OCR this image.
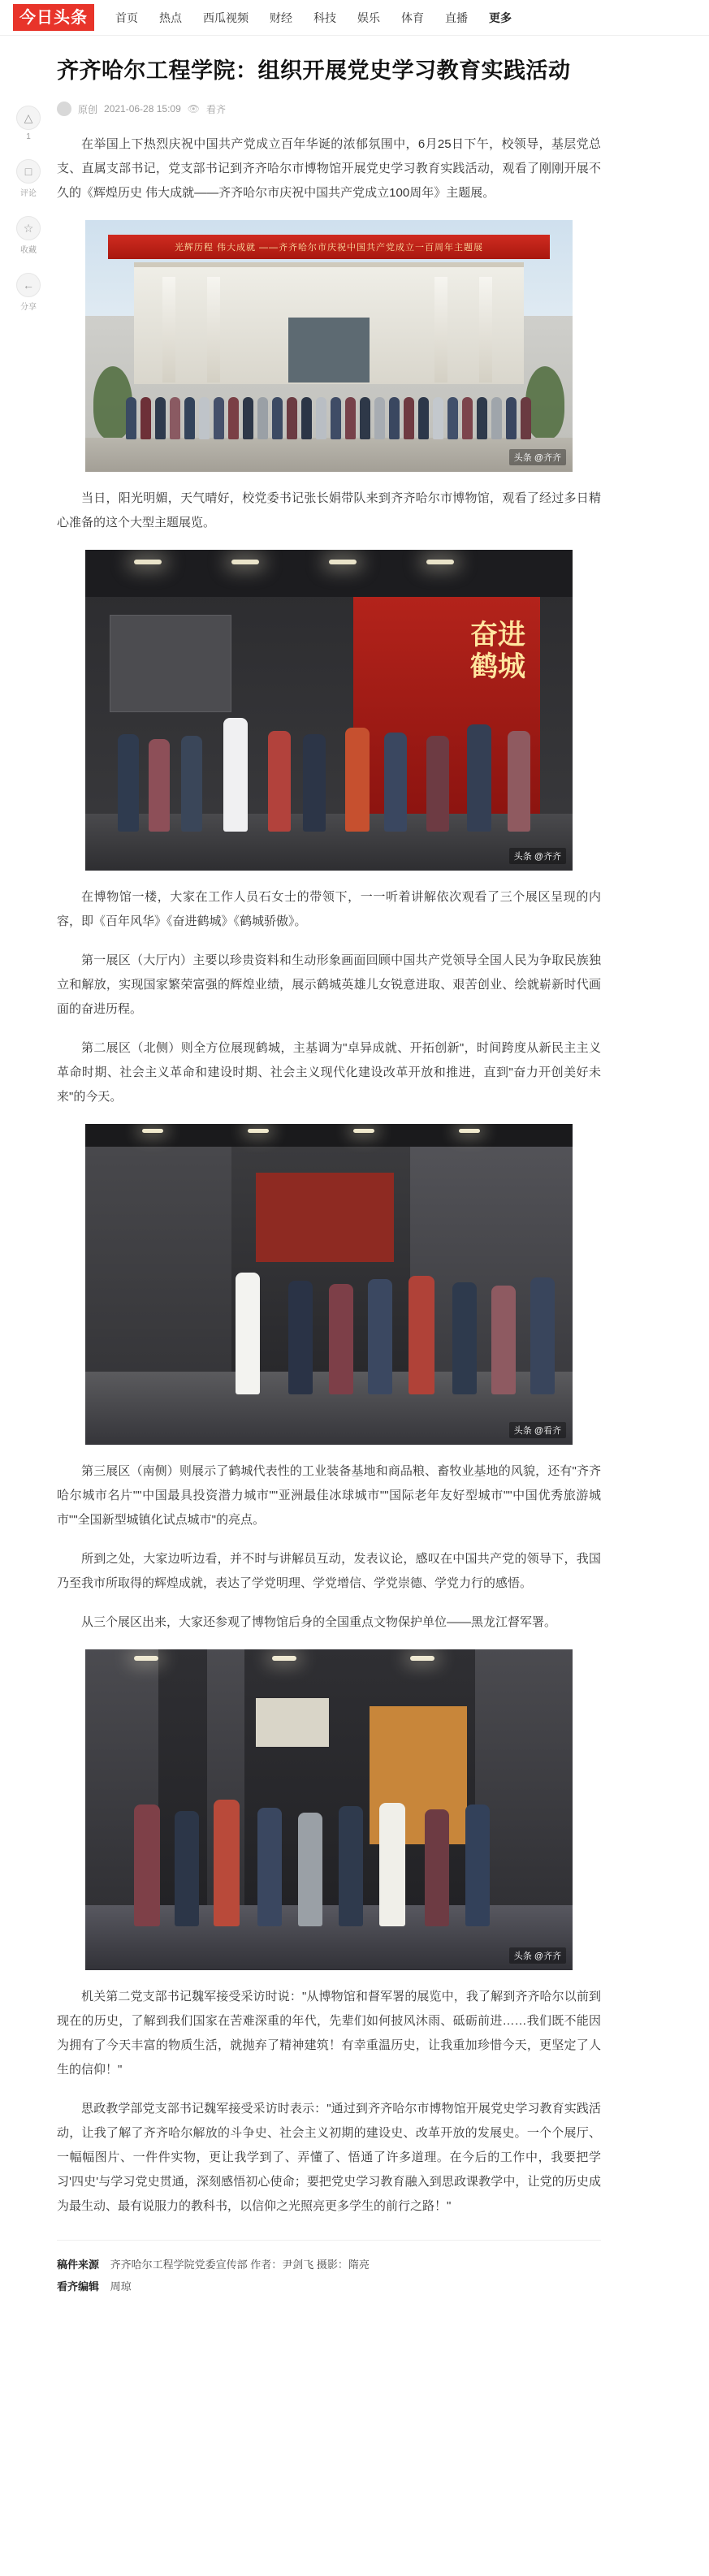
今日头条	首页 热点 西瓜视频 财经 科技 娱乐 体育 直播 更多
△
1
□
评论
☆
收藏
←
分享
齐齐哈尔工程学院：组织开展党史学习教育实践活动
原创 2021-06-28 15:09 👁 看齐

在举国上下热烈庆祝中国共产党成立百年华诞的浓郁氛围中，6月25日下午，校领导，基层党总支、直属支部书记，党支部书记到齐齐哈尔市博物馆开展党史学习教育实践活动，观看了刚刚开展不久的《辉煌历史 伟大成就——齐齐哈尔市庆祝中国共产党成立100周年》主题展。

光辉历程 伟大成就 ——齐齐哈尔市庆祝中国共产党成立一百周年主题展
头条 @齐齐

当日，阳光明媚，天气晴好，校党委书记张长娟带队来到齐齐哈尔市博物馆，观看了经过多日精心准备的这个大型主题展览。

奋进
鹤城
头条 @齐齐

在博物馆一楼，大家在工作人员石女士的带领下，一一听着讲解依次观看了三个展区呈现的内容，即《百年风华》《奋进鹤城》《鹤城骄傲》。

第一展区（大厅内）主要以珍贵资料和生动形象画面回顾中国共产党领导全国人民为争取民族独立和解放，实现国家繁荣富强的辉煌业绩，展示鹤城英雄儿女锐意进取、艰苦创业、绘就崭新时代画面的奋进历程。

第二展区（北侧）则全方位展现鹤城，主基调为"卓异成就、开拓创新"，时间跨度从新民主主义革命时期、社会主义革命和建设时期、社会主义现代化建设改革开放和推进，直到"奋力开创美好未来"的今天。

头条 @看齐

第三展区（南侧）则展示了鹤城代表性的工业装备基地和商品粮、畜牧业基地的风貌，还有"齐齐哈尔城市名片""中国最具投资潜力城市""亚洲最佳冰球城市""国际老年友好型城市""中国优秀旅游城市""全国新型城镇化试点城市"的亮点。

所到之处，大家边听边看，并不时与讲解员互动，发表议论，感叹在中国共产党的领导下，我国乃至我市所取得的辉煌成就，表达了学党明理、学党增信、学党崇德、学党力行的感悟。

从三个展区出来，大家还参观了博物馆后身的全国重点文物保护单位——黑龙江督军署。

头条 @齐齐

机关第二党支部书记魏军接受采访时说："从博物馆和督军署的展览中，我了解到齐齐哈尔以前到现在的历史，了解到我们国家在苦难深重的年代，先辈们如何披风沐雨、砥砺前进……我们既不能因为拥有了今天丰富的物质生活，就抛弃了精神建筑！有幸重温历史，让我重加珍惜今天，更坚定了人生的信仰！"

思政教学部党支部书记魏军接受采访时表示："通过到齐齐哈尔市博物馆开展党史学习教育实践活动，让我了解了齐齐哈尔解放的斗争史、社会主义初期的建设史、改革开放的发展史。一个个展厅、一幅幅图片、一件件实物，更让我学到了、弄懂了、悟通了许多道理。在今后的工作中，我要把学习'四史'与学习党史贯通，深刻感悟初心使命；要把党史学习教育融入到思政课教学中，让党的历史成为最生动、最有说服力的教科书，以信仰之光照亮更多学生的前行之路！"

稿件来源 齐齐哈尔工程学院党委宣传部 作者：尹剑飞 摄影：隋亮
看齐编辑 周琼
